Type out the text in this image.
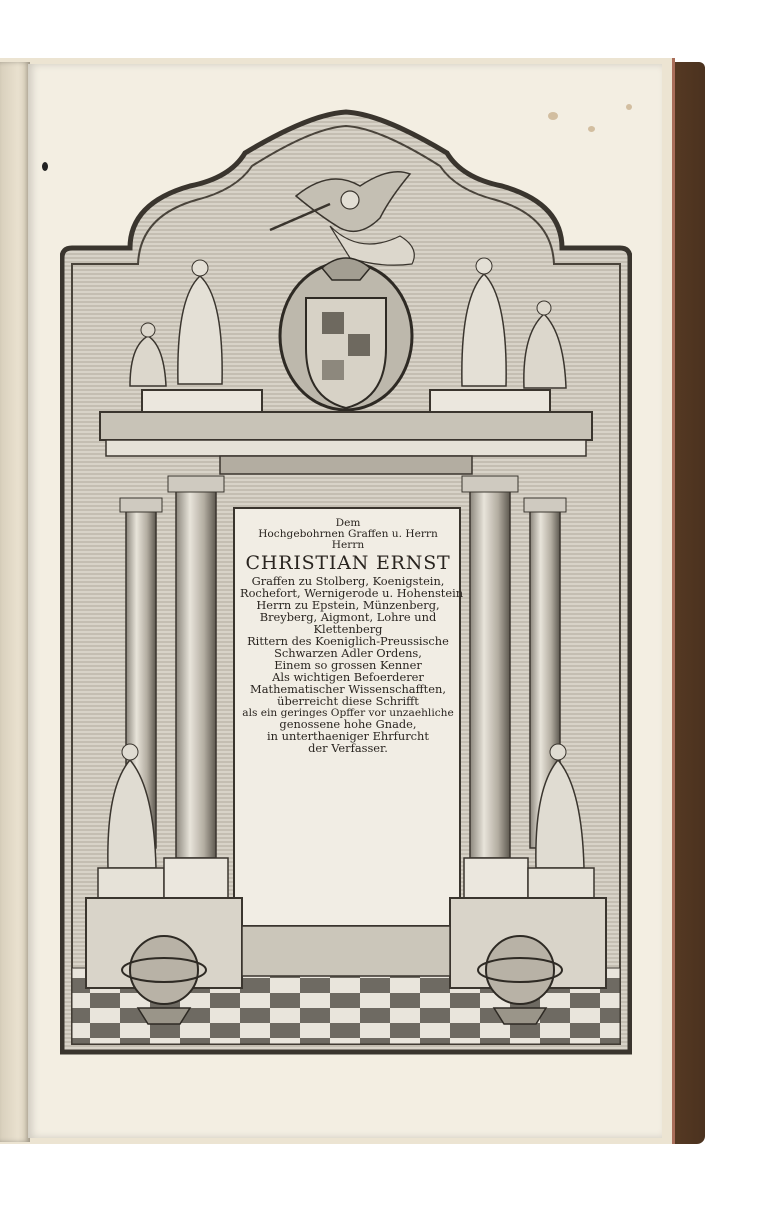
Dem
Hochgebohrnen Graffen u. Herrn
Herrn
CHRISTIAN ERNST
Graffen zu Stolberg, Koenigstein,
Rochefort, Wernigerode u. Hohenstein
Herrn zu Epstein, Münzenberg,
Breyberg, Aigmont, Lohre und
Klettenberg
Rittern des Koeniglich-Preussische
Schwarzen Adler Ordens,
Einem so grossen Kenner
Als wichtigen Befoerderer
Mathematischer Wissenschafften,
überreicht diese Schrifft
als ein geringes Opffer vor unzaehliche
genossene hohe Gnade,
in unterthaeniger Ehrfurcht
der Verfasser.
